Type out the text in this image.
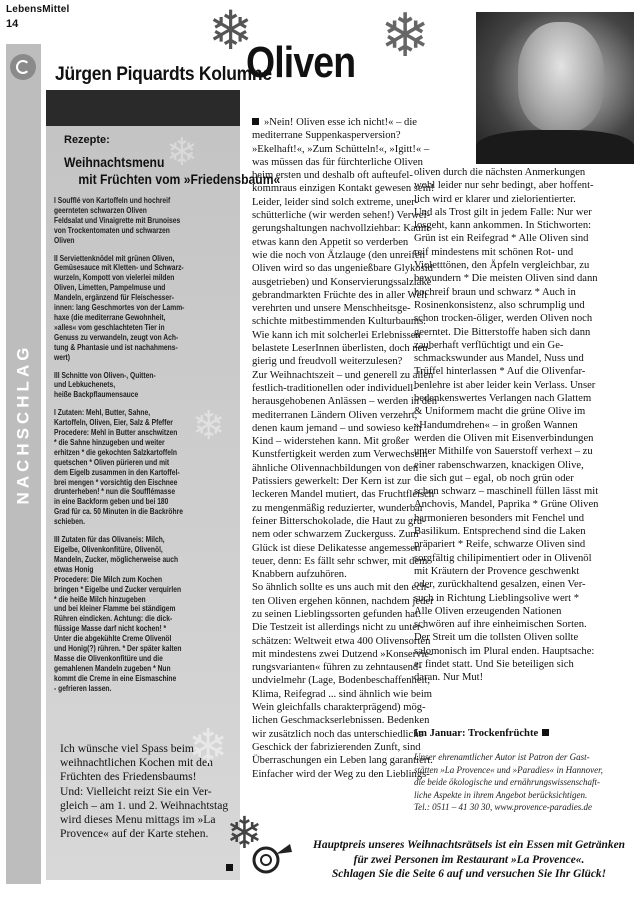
LebensMittel
14
NACHSCHLAG
Jürgen Piquardts Kolumne
Oliven
❄ ❄
Rezepte:
Weihnachtsmenu
mit Früchten vom »Friedensbaum«
I Soufflé von Kartoffeln und hochreif
geernteten schwarzen Oliven
Feldsalat und Vinaigrette mit Brunoises
von Trockentomaten und schwarzen
Oliven
II Serviettenknödel mit grünen Oliven,
Gemüsesauce mit Kletten- und Schwarz-
wurzeln, Kompott von vielerlei milden
Oliven, Limetten, Pampelmuse und
Mandeln, ergänzend für Fleischesser-
innen: lang Geschmortes von der Lamm-
haxe (die mediterrane Gewohnheit,
»alles« vom geschlachteten Tier in
Genuss zu verwandeln, zeugt von Ach-
tung & Phantasie und ist nachahmens-
wert)
III Schnitte von Oliven-, Quitten-
und Lebkuchenets,
heiße Backpflaumensauce
I Zutaten: Mehl, Butter, Sahne,
Kartoffeln, Oliven, Eier, Salz & Pfeffer
Procedere: Mehl in Butter anschwitzen
* die Sahne hinzugeben und weiter
erhitzen * die gekochten Salzkartoffeln
quetschen * Oliven pürieren und mit
dem Eigelb zusammen in den Kartoffel-
brei mengen * vorsichtig den Eischnee
drunterheben! * nun die Soufflémasse
in eine Backform geben und bei 180
Grad für ca. 50 Minuten in die Backröhre
schieben.
III Zutaten für das Olivaneis: Milch,
Eigelbe, Olivenkonfitüre, Olivenöl,
Mandeln, Zucker, möglicherweise auch
etwas Honig
Procedere: Die Milch zum Kochen
bringen * Eigelbe und Zucker verquirlen
* die heiße Milch hinzugeben
und bei kleiner Flamme bei ständigem
Rühren eindicken. Achtung: die dick-
flüssige Masse darf nicht kochen! *
Unter die abgekühlte Creme Olivenöl
und Honig(?) rühren. * Der später kalten
Masse die Olivenkonfitüre und die
gemahlenen Mandeln zugeben * Nun
kommt die Creme in eine Eismaschine
- gefrieren lassen.
Ich wünsche viel Spass beim
weihnachtlichen Kochen mit den
Früchten des Friedensbaums!
Und: Vielleicht reizt Sie ein Ver-
gleich – am 1. und 2. Weihnachtstag
wird dieses Menu mittags im »La
Provence« auf der Karte stehen.
❄
❄
❄
»Nein! Oliven esse ich nicht!« – die
mediterrane Suppenkasperversion?
»Ekelhaft!«, »Zum Schütteln!«, »Igitt!« –
was müssen das für fürchterliche Oliven
beim ersten und deshalb oft aufteufel-
kommraus einzigen Kontakt gewesen sein!
Leider, leider sind solch extreme, uner-
schütterliche (wir werden sehen!) Verwei-
gerungshaltungen nachvollziehbar: Kaum
etwas kann den Appetit so verderben
wie die noch von Ätzlauge (den unreifen
Oliven wird so das ungenießbare Glykosid
ausgetrieben) und Konservierungssalzlake
gebrandmarkten Früchte des in aller Welt
verehrten und unsere Menschheitsge-
schichte mitbestimmenden Kulturbaums.
Wie kann ich mit solcherlei Erlebnissen
belastete LeserInnen überlisten, doch neu-
gierig und freudvoll weiterzulesen?
Zur Weihnachtszeit – und generell zu allen
festlich-traditionellen oder individuell-
herausgehobenen Anlässen – werden in den
mediterranen Ländern Oliven verzehrt,
denen kaum jemand – und sowieso kein
Kind – widerstehen kann. Mit großer
Kunstfertigkeit werden zum Verwechseln
ähnliche Olivennachbildungen von den
Patissiers gewerkelt: Der Kern ist zur
leckeren Mandel mutiert, das Fruchtfleisch
zu mengenmäßig reduzierter, wunderbar
feiner Bitterschokolade, die Haut zu grü-
nem oder schwarzem Zuckerguss. Zum
Glück ist diese Delikatesse angemessen
teuer, denn: Es fällt sehr schwer, mit dem
Knabbern aufzuhören.
So ähnlich sollte es uns auch mit den ech-
ten Oliven ergehen können, nachdem jeder
zu seinen Lieblingssorten gefunden hat.
Die Testzeit ist allerdings nicht zu unter-
schätzen: Weltweit etwa 400 Olivensorten
mit mindestens zwei Dutzend »Konservie-
rungsvarianten« führen zu zehntausend-
undvielmehr (Lage, Bodenbeschaffenheit,
Klima, Reifegrad ... sind ähnlich wie beim
Wein gleichfalls charakterprägend) mög-
lichen Geschmackserlebnissen. Bedenken
wir zusätzlich noch das unterschiedliche
Geschick der fabrizierenden Zunft, sind
Überraschungen ein Leben lang garantiert.
Einfacher wird der Weg zu den Lieblings-
oliven durch die nächsten Anmerkungen
wohl leider nur sehr bedingt, aber hoffent-
lich wird er klarer und zielorientierter.
Und als Trost gilt in jedem Falle: Nur wer
losgeht, kann ankommen. In Stichworten:
Grün ist ein Reifegrad * Alle Oliven sind
reif mindestens mit schönen Rot- und
Violetttönen, den Äpfeln vergleichbar, zu
bewundern * Die meisten Oliven sind dann
hochreif braun und schwarz * Auch in
Rosinenkonsistenz, also schrumplig und
schon trocken-öliger, werden Oliven noch
geerntet. Die Bitterstoffe haben sich dann
zauberhaft verflüchtigt und ein Ge-
schmackswunder aus Mandel, Nuss und
Trüffel hinterlassen * Auf die Olivenfar-
benlehre ist aber leider kein Verlass. Unser
bedenkenswertes Verlangen nach Glattem
& Uniformem macht die grüne Olive im
»Handumdrehen« – in großen Wannen
werden die Oliven mit Eisenverbindungen
unter Mithilfe von Sauerstoff verhext – zu
einer rabenschwarzen, knackigen Olive,
die sich gut – egal, ob noch grün oder
schon schwarz – maschinell füllen lässt mit
Anchovis, Mandel, Paprika * Grüne Oliven
harmonieren besonders mit Fenchel und
Basilikum. Entsprechend sind die Laken
präpariert * Reife, schwarze Oliven sind
sorgfältig chilipimentiert oder in Olivenöl
mit Kräutern der Provence geschwenkt
oder, zurückhaltend gesalzen, einen Ver-
such in Richtung Lieblingsolive wert *
Alle Oliven erzeugenden Nationen
schwören auf ihre einheimischen Sorten.
Der Streit um die tollsten Oliven sollte
salomonisch im Plural enden. Hauptsache:
er findet statt. Und Sie beteiligen sich
daran. Nur Mut!
Im Januar: Trockenfrüchte
Unser ehrenamtlicher Autor ist Patron der Gast-
stätten »La Provence« und »Paradies« in Hannover,
die beide ökologische und ernährungswissenschaft-
liche Aspekte in ihrem Angebot berücksichtigen.
Tel.: 0511 – 41 30 30, www.provence-paradies.de
❄	Hauptpreis unseres Weihnachtsrätsels ist ein Essen mit Getränken
für zwei Personen im Restaurant »La Provence«.
Schlagen Sie die Seite 6 auf und versuchen Sie Ihr Glück!
